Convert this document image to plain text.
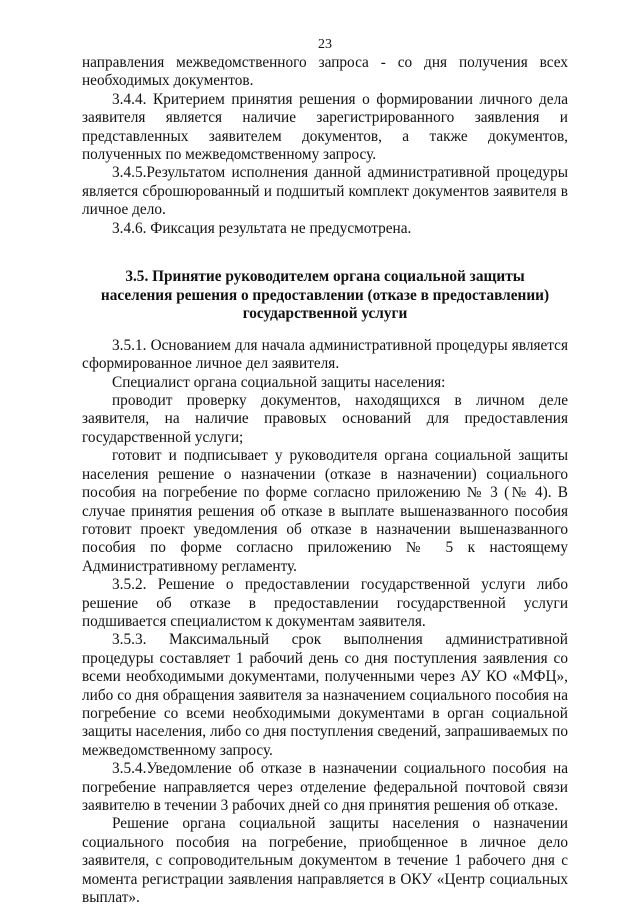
23

направления межведомственного запроса - со дня получения всех необходимых документов.

3.4.4. Критерием принятия решения о формировании личного дела заявителя является наличие зарегистрированного заявления и представленных заявителем документов, а также документов, полученных по межведомственному запросу.

3.4.5.Результатом исполнения данной административной процедуры является сброшюрованный и подшитый комплект документов заявителя в личное дело.

3.4.6. Фиксация результата не предусмотрена.

3.5. Принятие руководителем органа социальной защиты населения решения о предоставлении (отказе в предоставлении) государственной услуги

3.5.1. Основанием для начала административной процедуры является сформированное личное дел заявителя.

Специалист органа социальной защиты населения:

проводит проверку документов, находящихся в личном деле заявителя, на наличие правовых оснований для предоставления государственной услуги;

готовит и подписывает у руководителя органа социальной защиты населения решение о назначении (отказе в назначении) социального пособия на погребение по форме согласно приложению № 3 (№ 4). В случае принятия решения об отказе в выплате вышеназванного пособия готовит проект уведомления об отказе в назначении вышеназванного пособия по форме согласно приложению № 5 к настоящему Административному регламенту.

3.5.2. Решение о предоставлении государственной услуги либо решение об отказе в предоставлении государственной услуги подшивается специалистом к документам заявителя.

3.5.3. Максимальный срок выполнения административной процедуры составляет 1 рабочий день со дня поступления заявления со всеми необходимыми документами, полученными через АУ КО «МФЦ», либо со дня обращения заявителя за назначением социального пособия на погребение со всеми необходимыми документами в орган социальной защиты населения, либо со дня поступления сведений, запрашиваемых по межведомственному запросу.

3.5.4.Уведомление об отказе в назначении социального пособия на погребение направляется через отделение федеральной почтовой связи заявителю в течении 3 рабочих дней со дня принятия решения об отказе.

Решение органа социальной защиты населения о назначении социального пособия на погребение, приобщенное в личное дело заявителя, с сопроводительным документом в течение 1 рабочего дня с момента регистрации заявления направляется в ОКУ «Центр социальных выплат».
